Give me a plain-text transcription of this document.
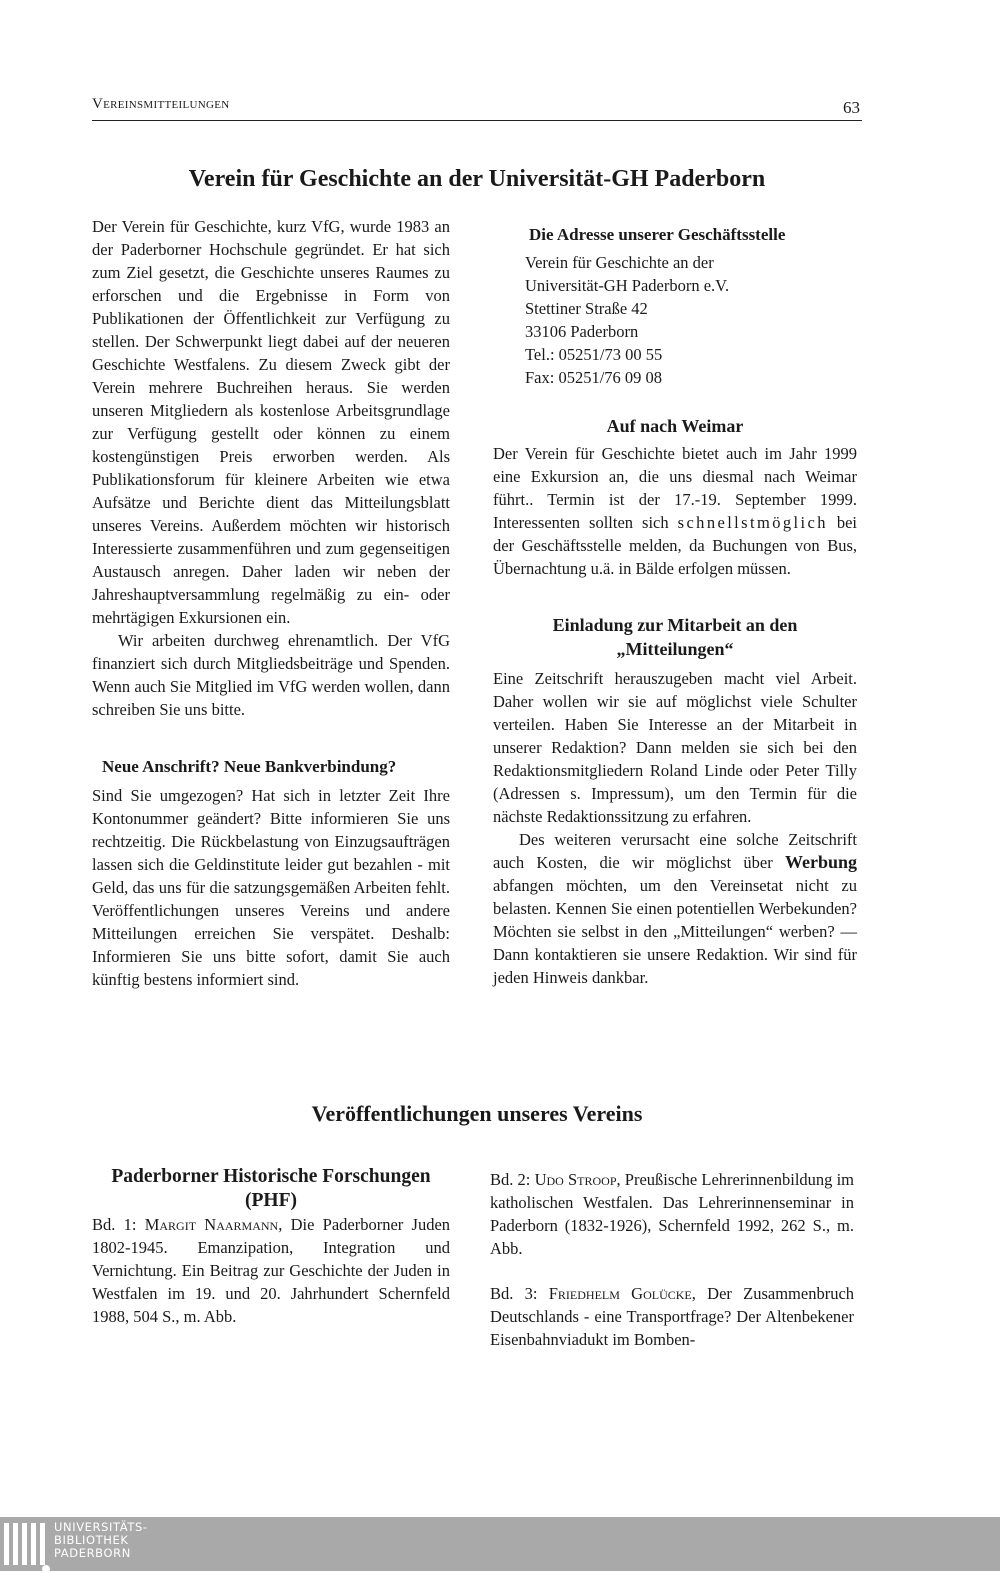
Vereinsmitteilungen	63
Verein für Geschichte an der Universität-GH Paderborn

Der Verein für Geschichte, kurz VfG, wurde 1983 an der Paderborner Hochschule gegründet. Er hat sich zum Ziel gesetzt, die Geschichte unseres Raumes zu erforschen und die Ergebnisse in Form von Publikationen der Öffentlichkeit zur Verfügung zu stellen. Der Schwerpunkt liegt dabei auf der neueren Geschichte Westfalens. Zu diesem Zweck gibt der Verein mehrere Buchreihen heraus. Sie werden unseren Mitgliedern als kostenlose Arbeitsgrundlage zur Verfügung gestellt oder können zu einem kostengünstigen Preis erworben werden. Als Publikationsforum für kleinere Arbeiten wie etwa Aufsätze und Berichte dient das Mitteilungsblatt unseres Vereins. Außerdem möchten wir historisch Interessierte zusammenführen und zum gegenseitigen Austausch anregen. Daher laden wir neben der Jahreshauptversammlung regelmäßig zu ein- oder mehrtägigen Exkursionen ein.

Wir arbeiten durchweg ehrenamtlich. Der VfG finanziert sich durch Mitgliedsbeiträge und Spenden. Wenn auch Sie Mitglied im VfG werden wollen, dann schreiben Sie uns bitte.

Neue Anschrift? Neue Bankverbindung?

Sind Sie umgezogen? Hat sich in letzter Zeit Ihre Kontonummer geändert? Bitte informieren Sie uns rechtzeitig. Die Rückbelastung von Einzugsaufträgen lassen sich die Geldinstitute leider gut bezahlen - mit Geld, das uns für die satzungsgemäßen Arbeiten fehlt. Veröffentlichungen unseres Vereins und andere Mitteilungen erreichen Sie verspätet. Deshalb: Informieren Sie uns bitte sofort, damit Sie auch künftig bestens informiert sind.

Die Adresse unserer Geschäftsstelle

Verein für Geschichte an der
Universität-GH Paderborn e.V.
Stettiner Straße 42
33106 Paderborn
Tel.: 05251/73 00 55
Fax: 05251/76 09 08

Auf nach Weimar

Der Verein für Geschichte bietet auch im Jahr 1999 eine Exkursion an, die uns diesmal nach Weimar führt.. Termin ist der 17.-19. September 1999. Interessenten sollten sich schnellstmöglich bei der Geschäftsstelle melden, da Buchungen von Bus, Übernachtung u.ä. in Bälde erfolgen müssen.

Einladung zur Mitarbeit an den

„Mitteilungen“

Eine Zeitschrift herauszugeben macht viel Arbeit. Daher wollen wir sie auf möglichst viele Schulter verteilen. Haben Sie Interesse an der Mitarbeit in unserer Redaktion? Dann melden sie sich bei den Redaktionsmitgliedern Roland Linde oder Peter Tilly (Adressen s. Impressum), um den Termin für die nächste Redaktionssitzung zu erfahren.

Des weiteren verursacht eine solche Zeitschrift auch Kosten, die wir möglichst über Werbung abfangen möchten, um den Vereinsetat nicht zu belasten. Kennen Sie einen potentiellen Werbekunden? Möchten sie selbst in den „Mitteilungen“ werben? — Dann kontaktieren sie unsere Redaktion. Wir sind für jeden Hinweis dankbar.

Veröffentlichungen unseres Vereins

Paderborner Historische Forschungen
(PHF)

Bd. 1: Margit Naarmann, Die Paderborner Juden 1802-1945. Emanzipation, Integration und Vernichtung. Ein Beitrag zur Geschichte der Juden in Westfalen im 19. und 20. Jahrhundert Schernfeld 1988, 504 S., m. Abb.

Bd. 2: Udo Stroop, Preußische Lehrerinnenbildung im katholischen Westfalen. Das Lehrerinnenseminar in Paderborn (1832-1926), Schernfeld 1992, 262 S., m. Abb.

Bd. 3: Friedhelm Golücke, Der Zusammenbruch Deutschlands - eine Transportfrage? Der Altenbekener Eisenbahnviadukt im Bomben-

UNIVERSITÄTS-
BIBLIOTHEK
PADERBORN
